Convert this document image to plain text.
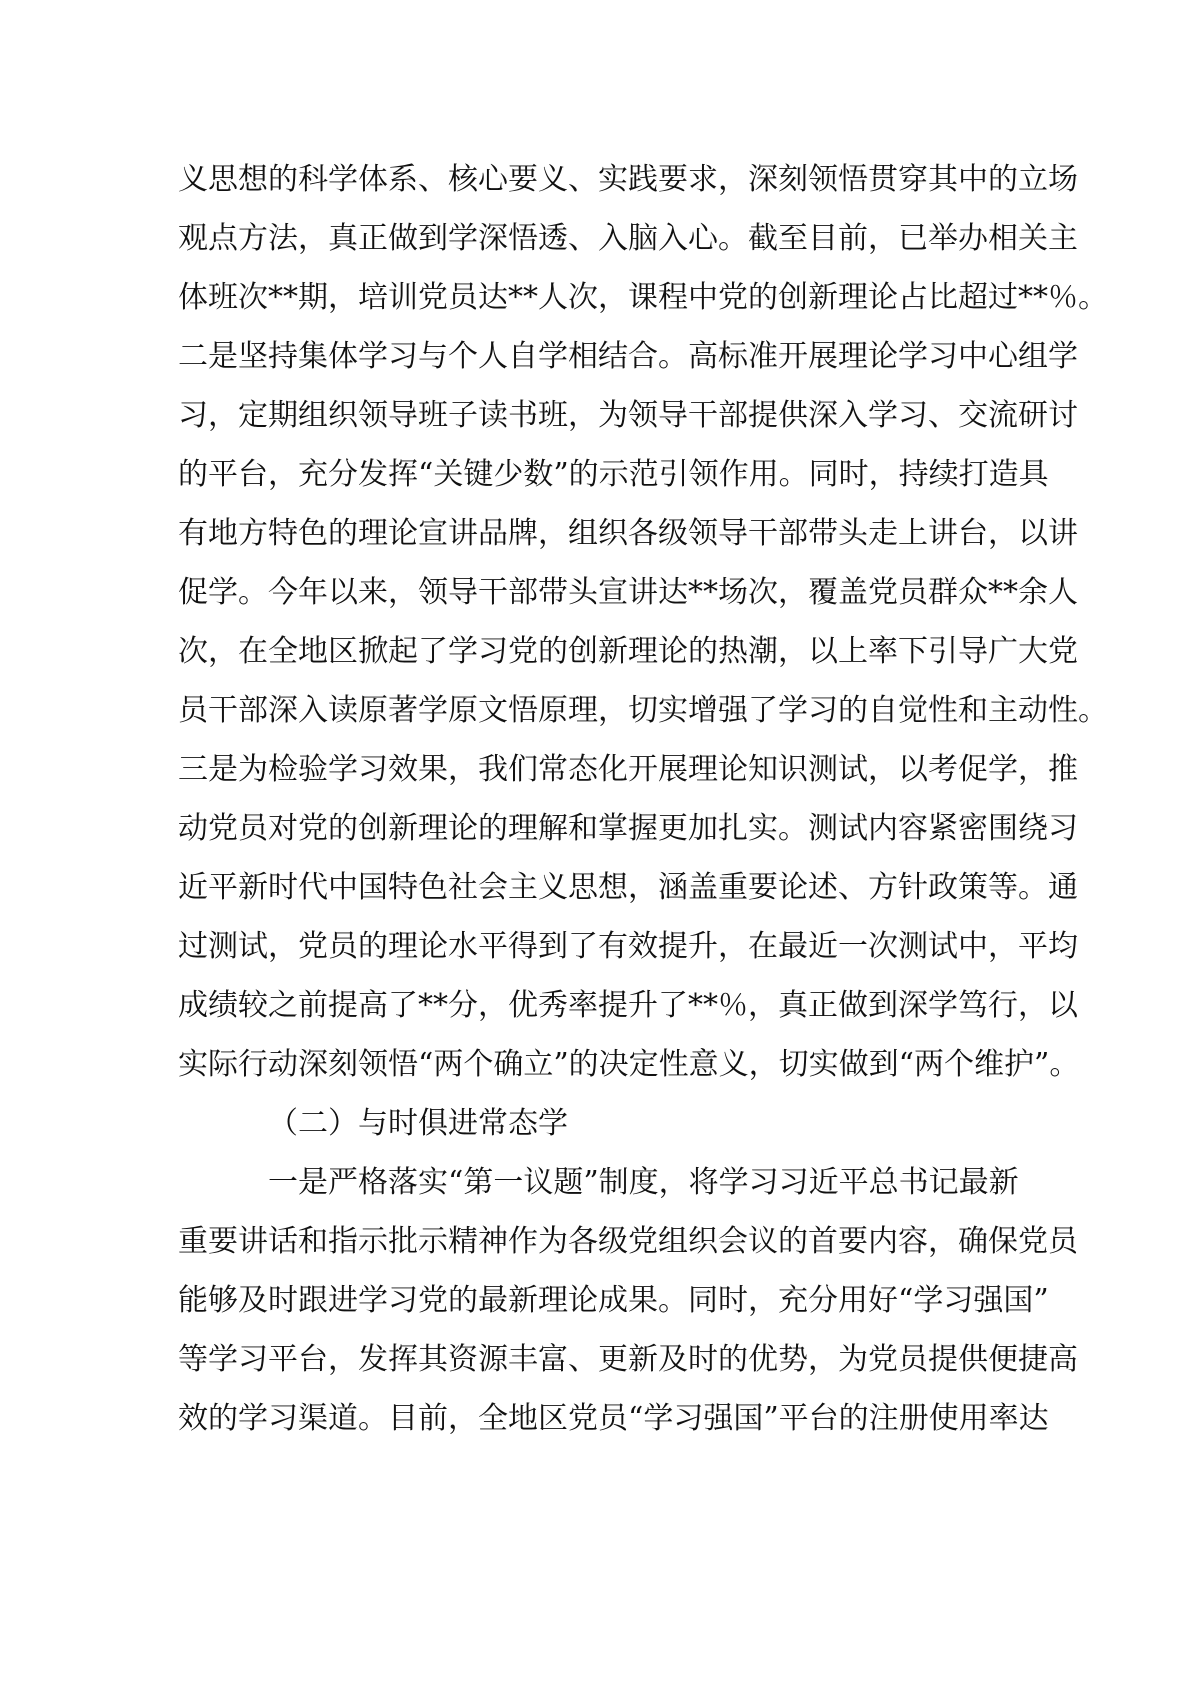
义思想的科学体系、核心要义、实践要求，深刻领悟贯穿其中的立场
观点方法，真正做到学深悟透、入脑入心。截至目前，已举办相关主
体班次**期，培训党员达**人次，课程中党的创新理论占比超过**％。
二是坚持集体学习与个人自学相结合。高标准开展理论学习中心组学
习，定期组织领导班子读书班，为领导干部提供深入学习、交流研讨
的平台，充分发挥“关键少数”的示范引领作用。同时，持续打造具
有地方特色的理论宣讲品牌，组织各级领导干部带头走上讲台，以讲
促学。今年以来，领导干部带头宣讲达**场次，覆盖党员群众**余人
次，在全地区掀起了学习党的创新理论的热潮，以上率下引导广大党
员干部深入读原著学原文悟原理，切实增强了学习的自觉性和主动性。
三是为检验学习效果，我们常态化开展理论知识测试，以考促学，推
动党员对党的创新理论的理解和掌握更加扎实。测试内容紧密围绕习
近平新时代中国特色社会主义思想，涵盖重要论述、方针政策等。通
过测试，党员的理论水平得到了有效提升，在最近一次测试中，平均
成绩较之前提高了**分，优秀率提升了**％，真正做到深学笃行，以
实际行动深刻领悟“两个确立”的决定性意义，切实做到“两个维护”。
（二）与时俱进常态学
一是严格落实“第一议题”制度，将学习习近平总书记最新
重要讲话和指示批示精神作为各级党组织会议的首要内容，确保党员
能够及时跟进学习党的最新理论成果。同时，充分用好“学习强国”
等学习平台，发挥其资源丰富、更新及时的优势，为党员提供便捷高
效的学习渠道。目前，全地区党员“学习强国”平台的注册使用率达
